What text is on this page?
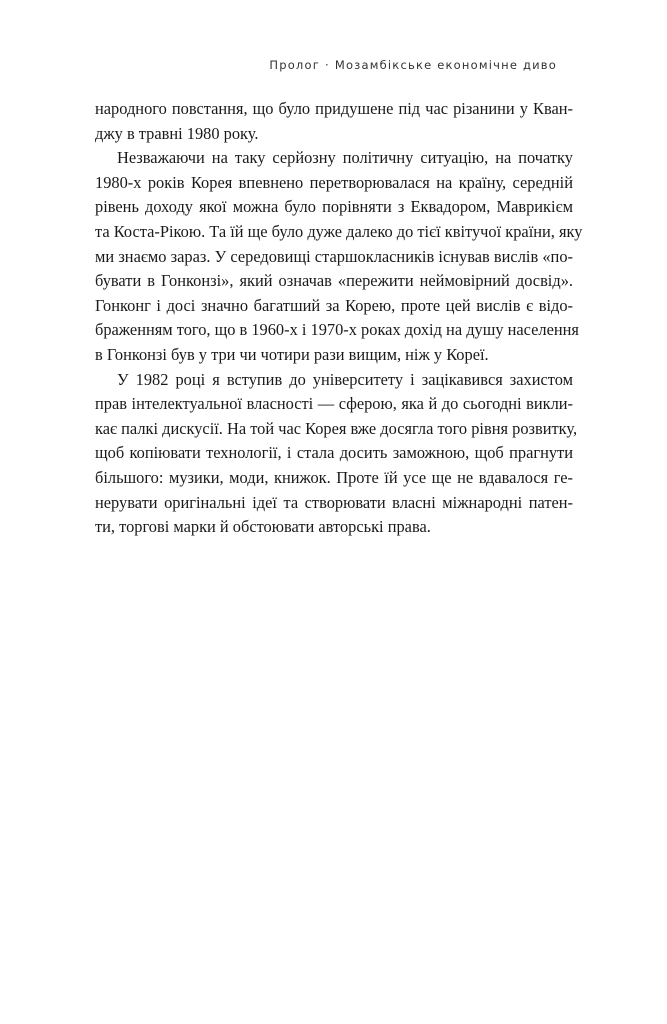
Пролог · Мозамбікське економічне диво

народного повстання, що було придушене під час різанини у Кван-
джу в травні 1980 року.

Незважаючи на таку серйозну політичну ситуацію, на початку
1980-х років Корея впевнено перетворювалася на країну, середній
рівень доходу якої можна було порівняти з Еквадором, Маврикієм
та Коста-Рікою. Та їй ще було дуже далеко до тієї квітучої країни, яку
ми знаємо зараз. У середовищі старшокласників існував вислів «по-
бувати в Гонконзі», який означав «пережити неймовірний досвід».
Гонконг і досі значно багатший за Корею, проте цей вислів є відо-
браженням того, що в 1960-х і 1970-х роках дохід на душу населення
в Гонконзі був у три чи чотири рази вищим, ніж у Кореї.

У 1982 році я вступив до університету і зацікавився захистом
прав інтелектуальної власності — сферою, яка й до сьогодні викли-
кає палкі дискусії. На той час Корея вже досягла того рівня розвитку,
щоб копіювати технології, і стала досить заможною, щоб прагнути
більшого: музики, моди, книжок. Проте їй усе ще не вдавалося ге-
нерувати оригінальні ідеї та створювати власні міжнародні патен-
ти, торгові марки й обстоювати авторські права.
